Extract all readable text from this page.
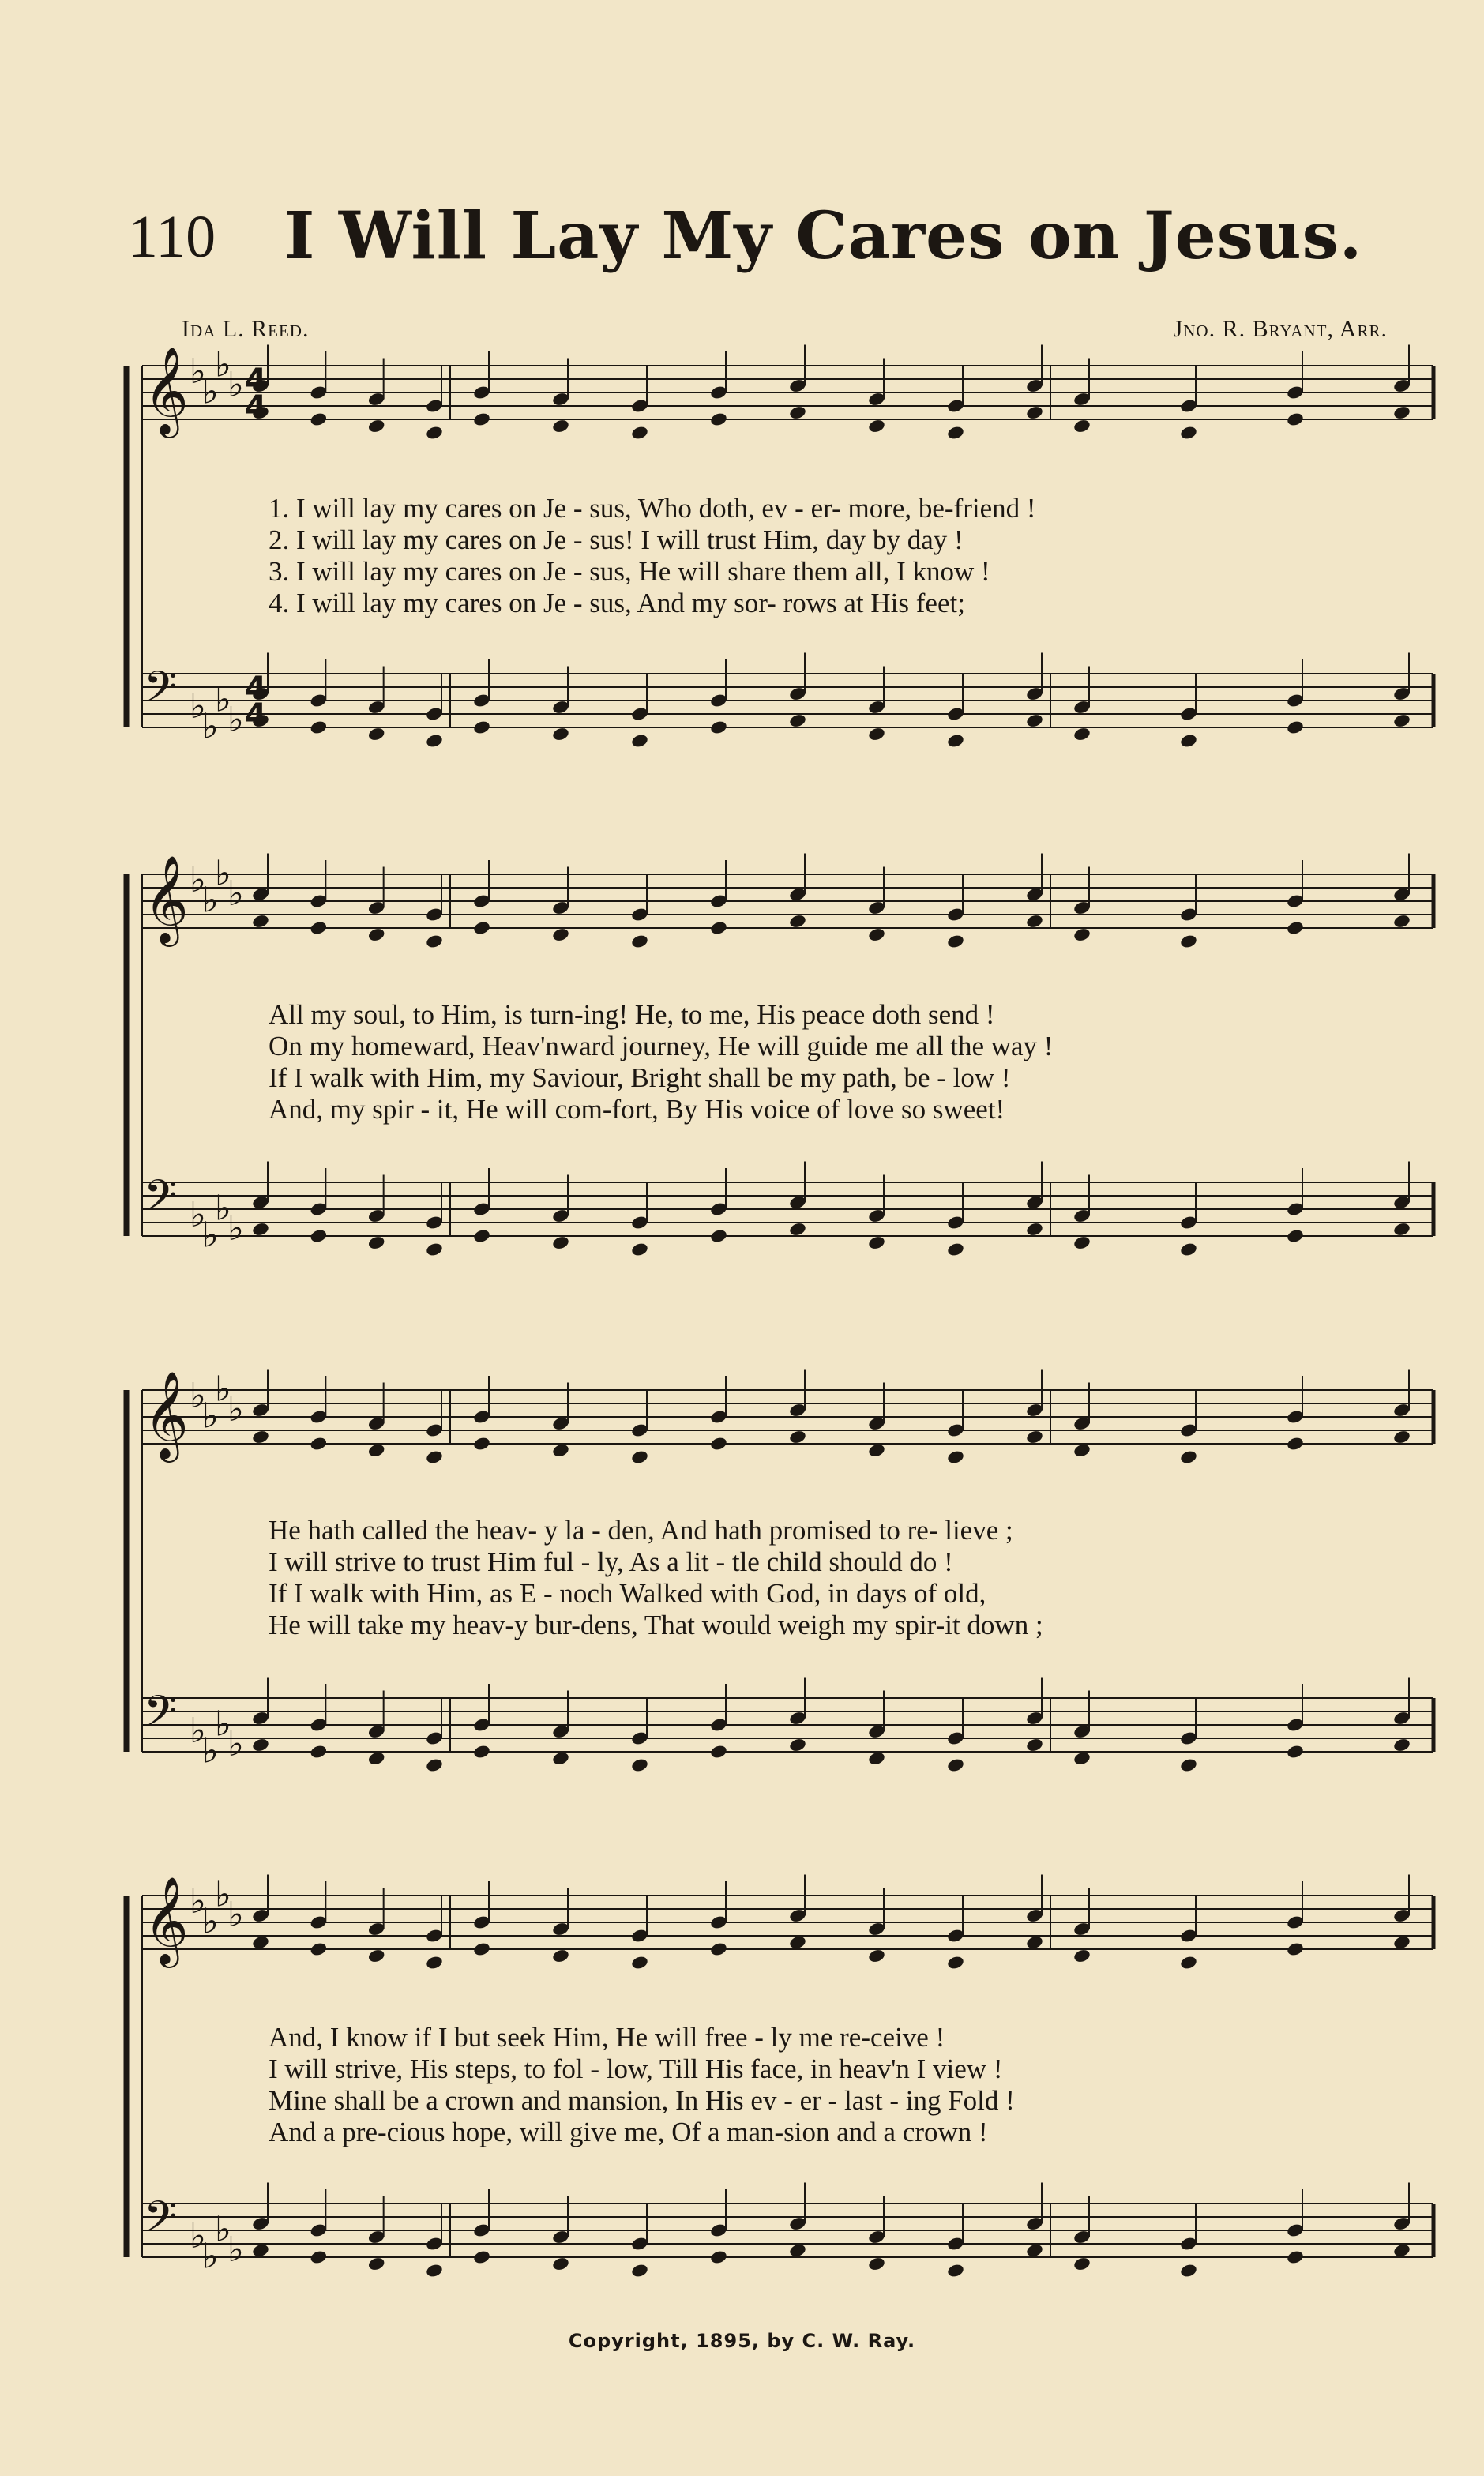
110 I Will Lay My Cares on Jesus.
Ida L. Reed.	Jno. R. Bryant, Arr.
𝄞 ♭
♭
♭
♭
𝄢 ♭
♭
♭
♭
𝄞 ♭
♭
♭
♭
𝄢 ♭
♭
♭
♭
𝄞 ♭
♭
♭
♭
𝄢 ♭
♭
♭
♭
𝄞 ♭
♭
♭
♭
𝄢 ♭
♭
♭
♭
4
4
4
4
1. I will lay my cares on Je - sus, Who doth, ev - er- more, be-friend !
2. I will lay my cares on Je - sus! I will trust Him, day by day !
3. I will lay my cares on Je - sus, He will share them all, I know !
4. I will lay my cares on Je - sus, And my sor- rows at His feet;
All my soul, to Him, is turn-ing! He, to me, His peace doth send !
On my homeward, Heav'nward journey, He will guide me all the way !
If I walk with Him, my Saviour, Bright shall be my path, be - low !
And, my spir - it, He will com-fort, By His voice of love so sweet!
He hath called the heav- y la - den, And hath promised to re- lieve ;
I will strive to trust Him ful - ly, As a lit - tle child should do !
If I walk with Him, as E - noch Walked with God, in days of old,
He will take my heav-y bur-dens, That would weigh my spir-it down ;
And, I know if I but seek Him, He will free - ly me re-ceive !
I will strive, His steps, to fol - low, Till His face, in heav'n I view !
Mine shall be a crown and mansion, In His ev - er - last - ing Fold !
And a pre-cious hope, will give me, Of a man-sion and a crown !
Copyright, 1895, by C. W. Ray.
